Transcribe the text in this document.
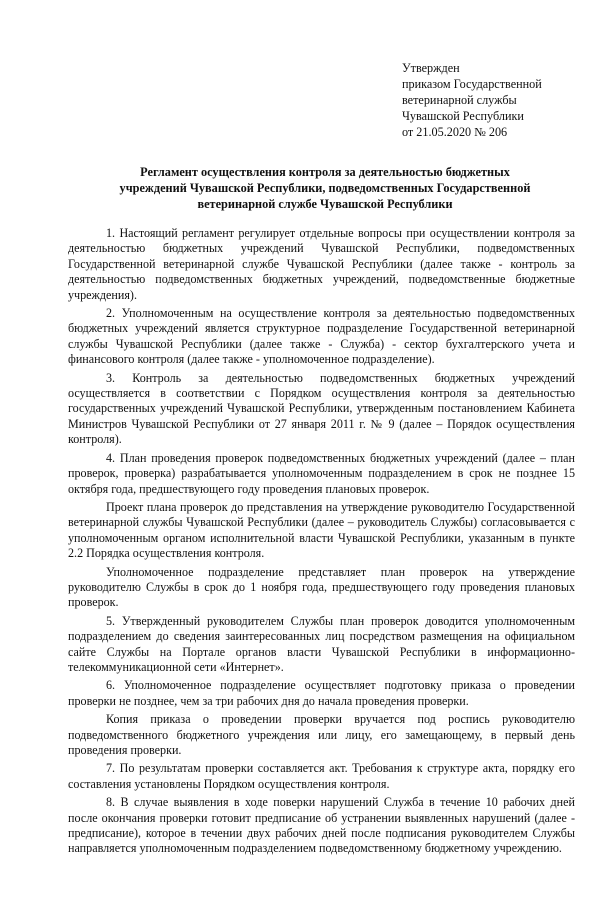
Утвержден
приказом Государственной
ветеринарной службы
Чувашской Республики
от 21.05.2020 № 206
Регламент осуществления контроля за деятельностью бюджетных
учреждений Чувашской Республики, подведомственных Государственной
ветеринарной службе Чувашской Республики

1. Настоящий регламент регулирует отдельные вопросы при осуществлении контроля за деятельностью бюджетных учреждений Чувашской Республики, подведомственных Государственной ветеринарной службе Чувашской Республики (далее также - контроль за деятельностью подведомственных бюджетных учреждений, подведомственные бюджетные учреждения).

2. Уполномоченным на осуществление контроля за деятельностью подведомственных бюджетных учреждений является структурное подразделение Государственной ветеринарной службы Чувашской Республики (далее также - Служба) - сектор бухгалтерского учета и финансового контроля (далее также - уполномоченное подразделение).

3. Контроль за деятельностью подведомственных бюджетных учреждений осуществляется в соответствии с Порядком осуществления контроля за деятельностью государственных учреждений Чувашской Республики, утвержденным постановлением Кабинета Министров Чувашской Республики от 27 января 2011 г. № 9 (далее – Порядок осуществления контроля).

4. План проведения проверок подведомственных бюджетных учреждений (далее – план проверок, проверка) разрабатывается уполномоченным подразделением в срок не позднее 15 октября года, предшествующего году проведения плановых проверок.

Проект плана проверок до представления на утверждение руководителю Государственной ветеринарной службы Чувашской Республики (далее – руководитель Службы) согласовывается с уполномоченным органом исполнительной власти Чувашской Республики, указанным в пункте 2.2 Порядка осуществления контроля.

Уполномоченное подразделение представляет план проверок на утверждение руководителю Службы в срок до 1 ноября года, предшествующего году проведения плановых проверок.

5. Утвержденный руководителем Службы план проверок доводится уполномоченным подразделением до сведения заинтересованных лиц посредством размещения на официальном сайте Службы на Портале органов власти Чувашской Республики в информационно-телекоммуникационной сети «Интернет».

6. Уполномоченное подразделение осуществляет подготовку приказа о проведении проверки не позднее, чем за три рабочих дня до начала проведения проверки.

Копия приказа о проведении проверки вручается под роспись руководителю подведомственного бюджетного учреждения или лицу, его замещающему, в первый день проведения проверки.

7. По результатам проверки составляется акт. Требования к структуре акта, порядку его составления установлены Порядком осуществления контроля.

8. В случае выявления в ходе поверки нарушений Служба в течение 10 рабочих дней после окончания проверки готовит предписание об устранении выявленных нарушений (далее - предписание), которое в течении двух рабочих дней после подписания руководителем Службы направляется уполномоченным подразделением подведомственному бюджетному учреждению.
